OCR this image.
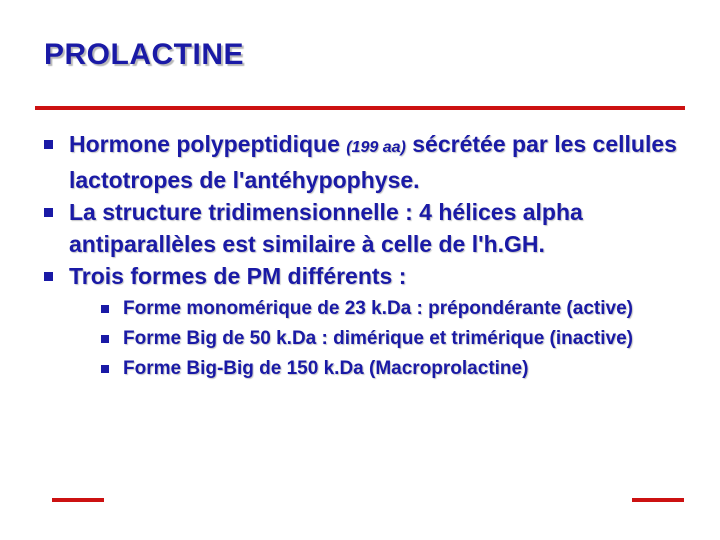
PROLACTINE
Hormone polypeptidique (199 aa) sécrétée par les cellules lactotropes de l'antéhypophyse.
La structure tridimensionnelle : 4 hélices alpha antiparallèles est similaire à celle de l'h.GH.
Trois formes de PM différents :
Forme monomérique de 23 k.Da : prépondérante (active)
Forme Big de 50 k.Da : dimérique et trimérique (inactive)
Forme Big-Big de 150 k.Da (Macroprolactine)
